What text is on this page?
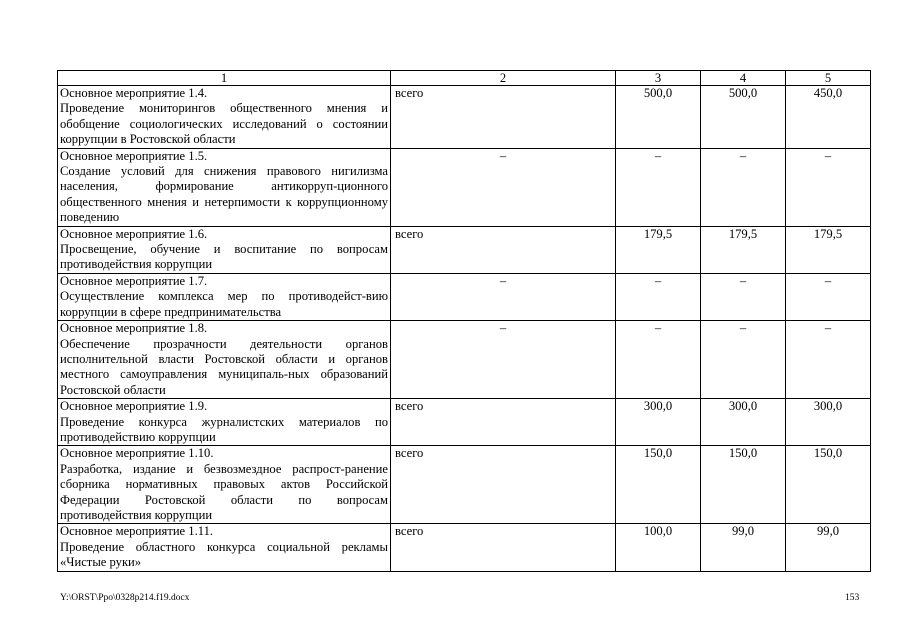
1	2	3	4	5

Основное мероприятие 1.4.
Проведение мониторингов общественного мнения и обобщение социологических исследований о состоянии коррупции в Ростовской области	всего	500,0	500,0	450,0

Основное мероприятие 1.5.
Создание условий для снижения правового нигилизма населения, формирование антикорруп-ционного общественного мнения и нетерпимости к коррупционному поведению	–	–	–	–

Основное мероприятие 1.6.
Просвещение, обучение и воспитание по вопросам противодействия коррупции	всего	179,5	179,5	179,5

Основное мероприятие 1.7.
Осуществление комплекса мер по противодейст-вию коррупции в сфере предпринимательства	–	–	–	–

Основное мероприятие 1.8.
Обеспечение прозрачности деятельности органов исполнительной власти Ростовской области и органов местного самоуправления муниципаль-ных образований Ростовской области	–	–	–	–

Основное мероприятие 1.9.
Проведение конкурса журналистских материалов по противодействию коррупции	всего	300,0	300,0	300,0

Основное мероприятие 1.10.
Разработка, издание и безвозмездное распрост-ранение сборника нормативных правовых актов Российской Федерации Ростовской области по вопросам противодействия коррупции	всего	150,0	150,0	150,0

Основное мероприятие 1.11.
Проведение областного конкурса социальной рекламы «Чистые руки»	всего	100,0	99,0	99,0
Y:\ORST\Ppo\0328p214.f19.docx	153
